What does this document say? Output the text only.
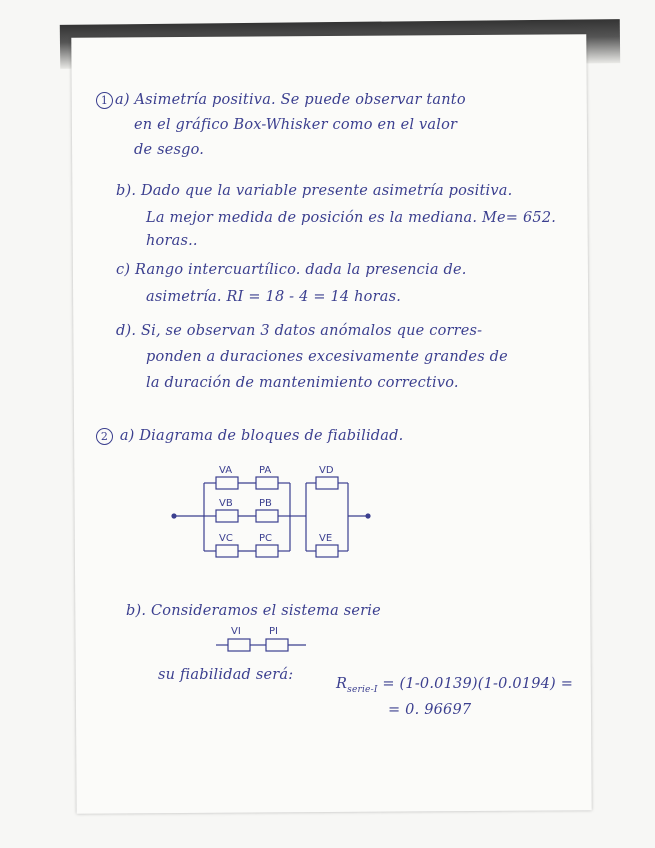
1 a) Asimetría positiva. Se puede observar tanto
en el gráfico Box-Whisker como en el valor
de sesgo.
b). Dado que la variable presente asimetría positiva.
La mejor medida de posición es la mediana. Me= 652.
horas..
c) Rango intercuartílico. dada la presencia de.
asimetría. RI = 18 - 4 = 14 horas.
d). Si, se observan 3 datos anómalos que corres-
ponden a duraciones excesivamente grandes de
la duración de mantenimiento correctivo.
2 a) Diagrama de bloques de fiabilidad.
VA	PA	VD
VB	PB
VC	PC	VE
b). Consideramos el sistema serie
VI	PI
su fiabilidad será:
$R_{serie-I} = (1-0.0139)(1-0.0194)$ =
= 0. 96697
